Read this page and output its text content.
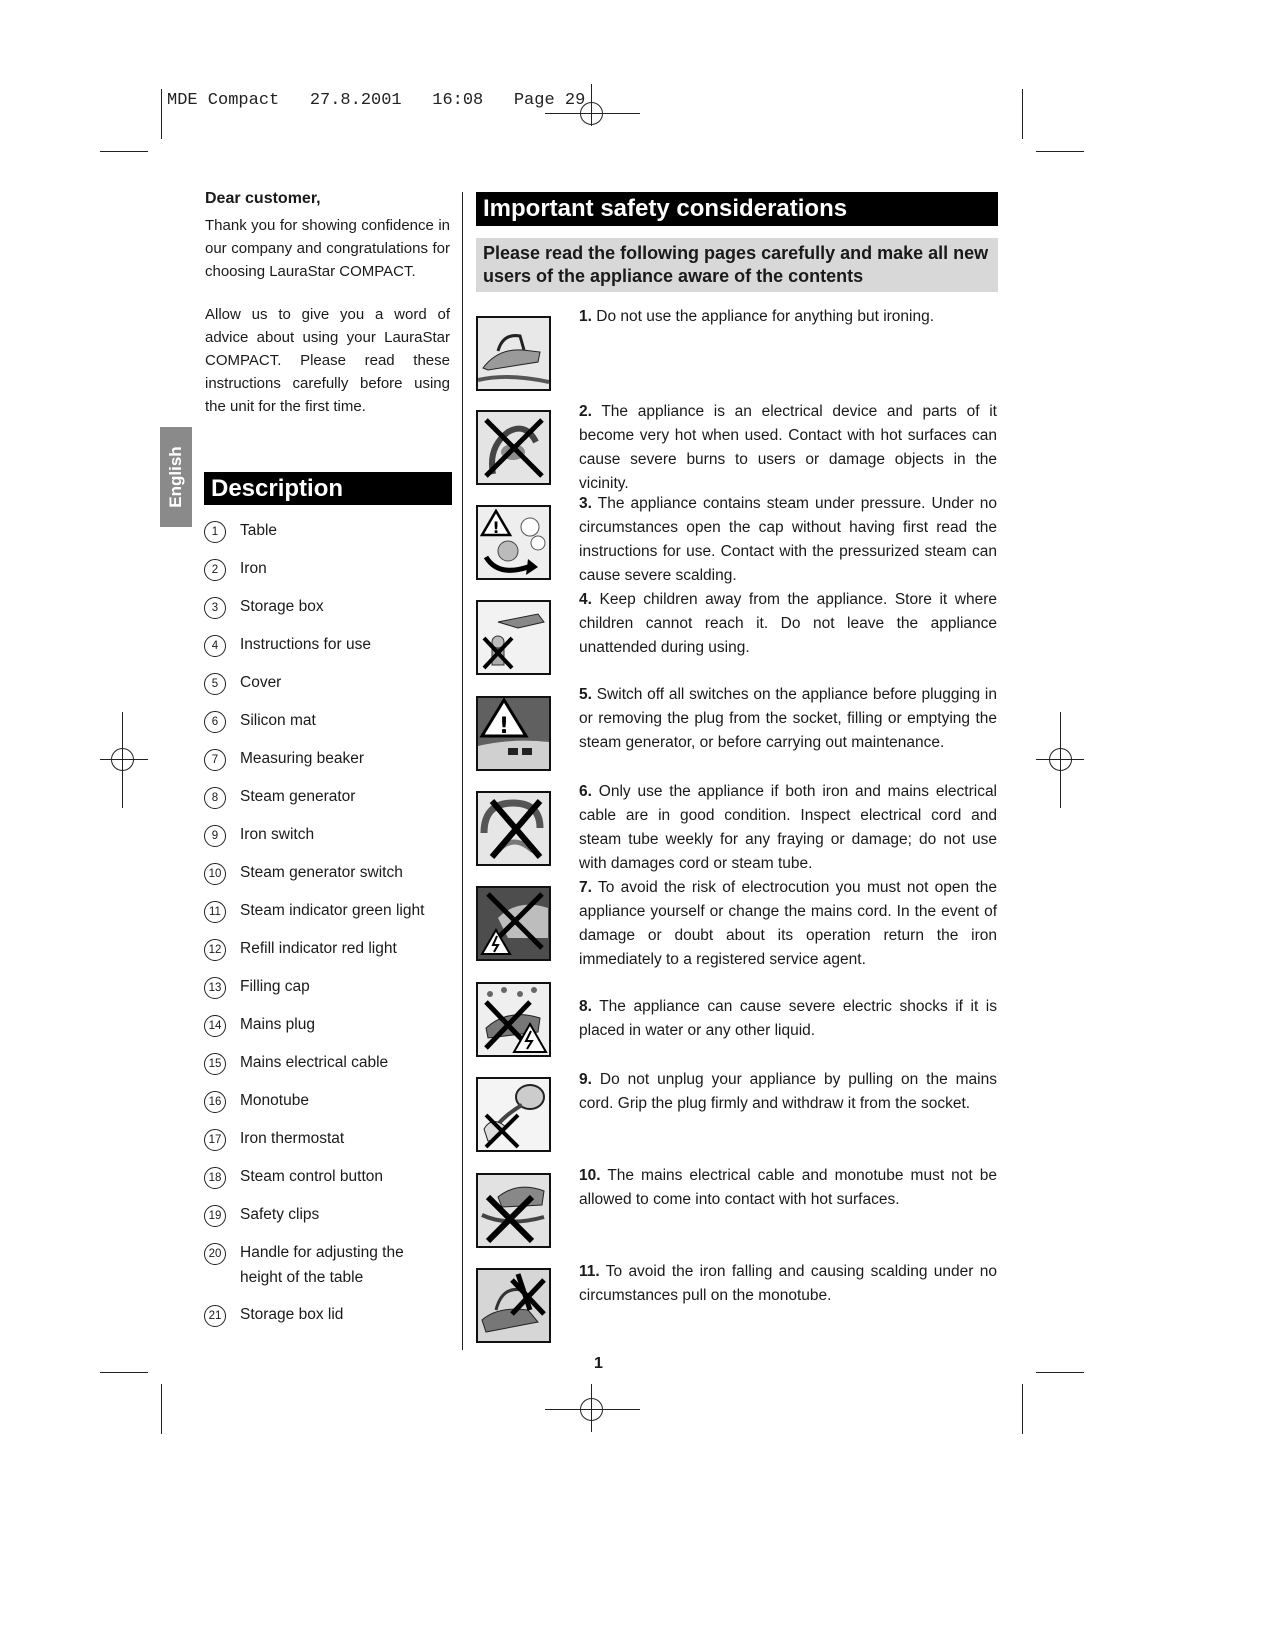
MDE Compact   27.8.2001   16:08   Page 29
English
Dear customer,
Thank you for showing confidence in our company and congratulations for choosing LauraStar COMPACT.
Allow us to give you a word of advice about using your LauraStar COMPACT. Please read these instructions carefully before using the unit for the first time.
Description
1	Table
2	Iron
3	Storage box
4	Instructions for use
5	Cover
6	Silicon mat
7	Measuring beaker
8	Steam generator
9	Iron switch
10 Steam generator switch
11	Steam indicator green light
12 Refill indicator red light
13 Filling cap
14 Mains plug
15 Mains electrical cable
16 Monotube
17 Iron thermostat
18 Steam control button
19 Safety clips
20 Handle for adjusting the height of the table
21 Storage box lid
Important safety considerations
Please read the following pages carefully and make all new users of the appliance aware of the contents
!
!
1. Do not use the appliance for anything but ironing.
2. The appliance is an electrical device and parts of it become very hot when used. Contact with hot surfaces can cause severe burns to users or damage objects in the vicinity.
3. The appliance contains steam under pressure. Under no circumstances open the cap without having first read the instructions for use. Contact with the pressurized steam can cause severe scalding.
4. Keep children away from the appliance. Store it where children cannot reach it. Do not leave the appliance unattended during using.
5. Switch off all switches on the appliance before plugging in or removing the plug from the socket, filling or emptying the steam generator, or before carrying out maintenance.
6. Only use the appliance if both iron and mains electrical cable are in good condition. Inspect electrical cord and steam tube weekly for any fraying or damage; do not use with damages cord or steam tube.
7. To avoid the risk of electrocution you must not open the appliance yourself or change the mains cord. In the event of damage or doubt about its operation return the iron immediately to a registered service agent.
8. The appliance can cause severe electric shocks if it is placed in water or any other liquid.
9. Do not unplug your appliance by pulling on the mains cord. Grip the plug firmly and withdraw it from the socket.
10. The mains electrical cable and monotube must not be allowed to come into contact with hot surfaces.
11. To avoid the iron falling and causing scalding under no circumstances pull on the monotube.
1
